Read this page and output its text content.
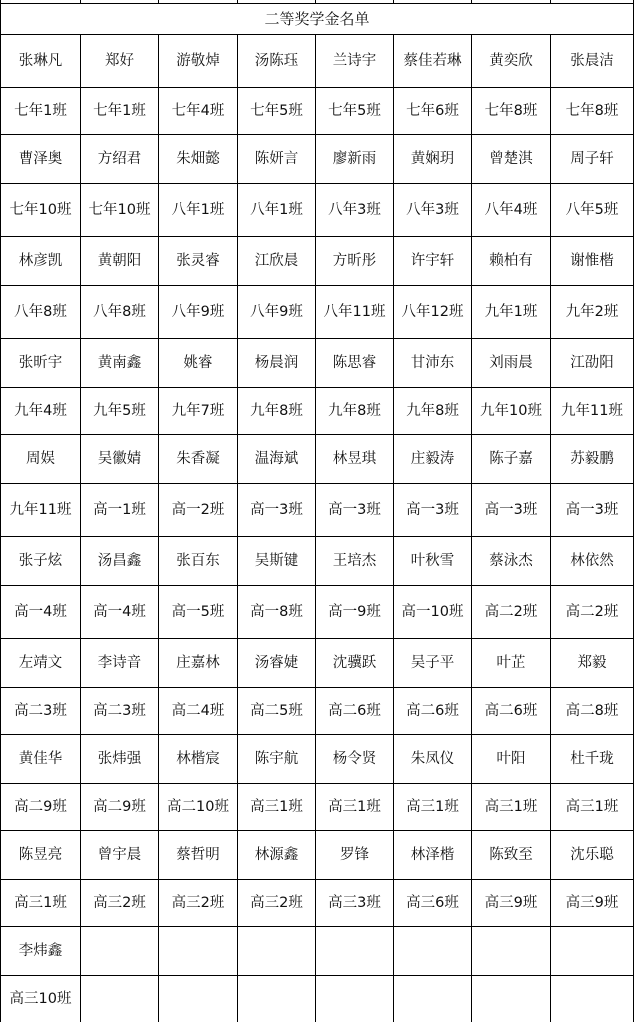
二等奖学金名单							
张琳凡	郑好	游敬焯	汤陈珏	兰诗宇	蔡佳若琳	黄奕欣	张晨洁
七年1班	七年1班	七年4班	七年5班	七年5班	七年6班	七年8班	七年8班
曹泽奥	方绍君	朱畑懿	陈妍言	廖新雨	黄娴玥	曾楚淇	周子轩
七年10班	七年10班	八年1班	八年1班	八年3班	八年3班	八年4班	八年5班
林彦凯	黄朝阳	张灵睿	江欣晨	方昕彤	许宇轩	赖柏有	谢惟楷
八年8班	八年8班	八年9班	八年9班	八年11班	八年12班	九年1班	九年2班
张昕宇	黄南鑫	姚睿	杨晨润	陈思睿	甘沛东	刘雨晨	江劭阳
九年4班	九年5班	九年7班	九年8班	九年8班	九年8班	九年10班	九年11班
周娱	吴徽婧	朱香凝	温海斌	林昱琪	庄毅涛	陈子嘉	苏毅鹏
九年11班	高一1班	高一2班	高一3班	高一3班	高一3班	高一3班	高一3班
张子炫	汤昌鑫	张百东	吴斯键	王培杰	叶秋雪	蔡泳杰	林依然
高一4班	高一4班	高一5班	高一8班	高一9班	高一10班	高二2班	高二2班
左靖文	李诗音	庄嘉林	汤睿婕	沈骥跃	吴子平	叶芷	郑毅
高二3班	高二3班	高二4班	高二5班	高二6班	高二6班	高二6班	高二8班
黄佳华	张炜强	林楷宸	陈宇航	杨令贤	朱凤仪	叶阳	杜千珑
高二9班	高二9班	高二10班	高三1班	高三1班	高三1班	高三1班	高三1班
陈昱亮	曾宇晨	蔡哲明	林源鑫	罗锋	林泽楷	陈致至	沈乐聪
高三1班	高三2班	高三2班	高三2班	高三3班	高三6班	高三9班	高三9班
李炜鑫							
高三10班							
